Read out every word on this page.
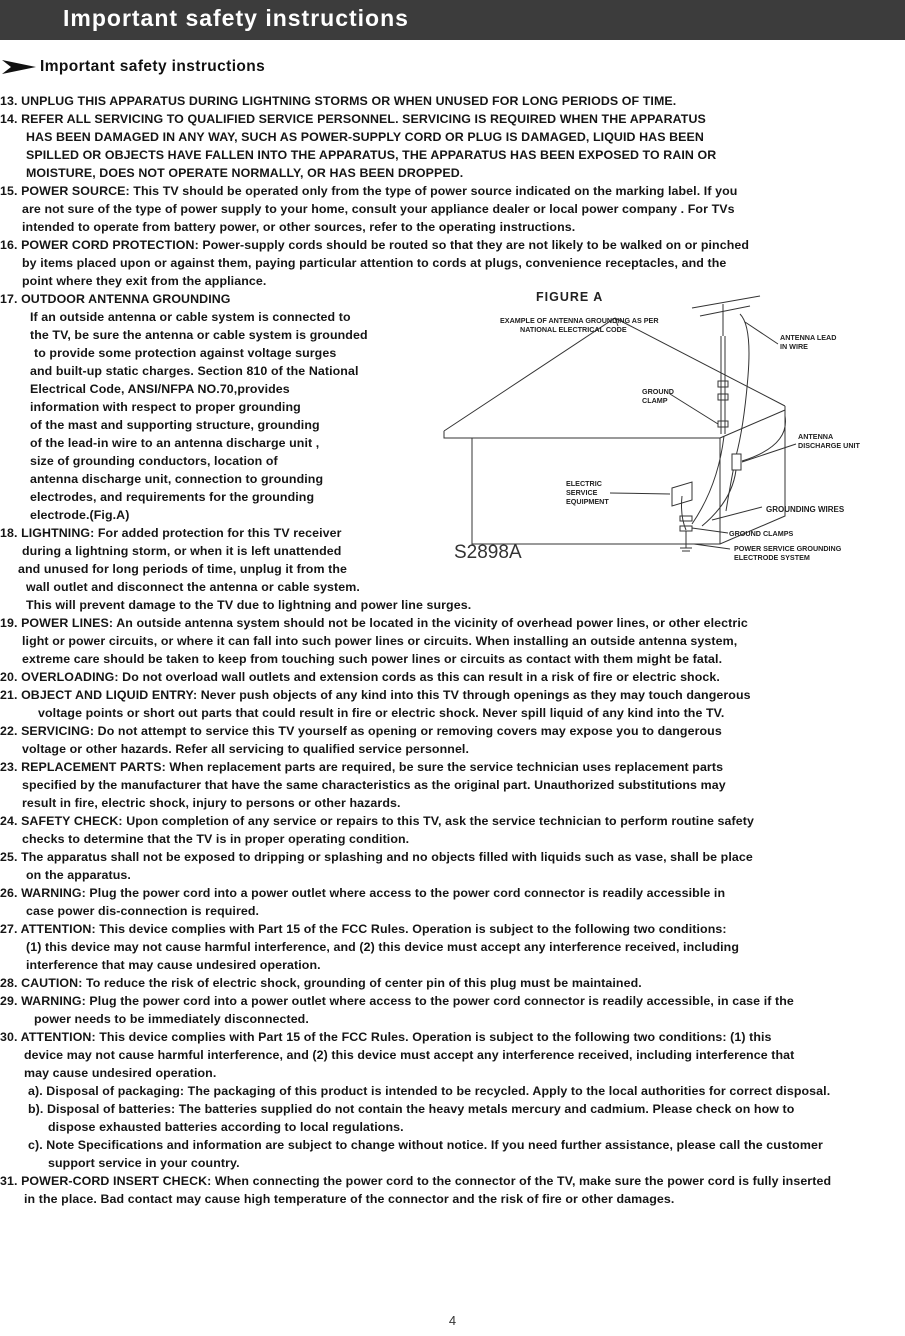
Important safety instructions
Important safety instructions
13. UNPLUG THIS APPARATUS DURING LIGHTNING STORMS OR WHEN UNUSED FOR LONG PERIODS OF TIME.
14. REFER ALL SERVICING TO QUALIFIED SERVICE PERSONNEL. SERVICING IS REQUIRED WHEN THE APPARATUS
HAS BEEN DAMAGED IN ANY WAY, SUCH AS POWER-SUPPLY CORD OR PLUG IS DAMAGED, LIQUID HAS BEEN
SPILLED OR OBJECTS HAVE FALLEN INTO THE APPARATUS, THE APPARATUS HAS BEEN EXPOSED TO RAIN OR
MOISTURE, DOES NOT OPERATE NORMALLY, OR HAS BEEN DROPPED.
15. POWER SOURCE: This TV should be operated only from the type of power source indicated on the marking label. If you
are not sure of the type of power supply to your home, consult your appliance dealer or local power company . For TVs
intended to operate from battery power, or other sources, refer to the operating instructions.
16. POWER CORD PROTECTION: Power-supply cords should be routed so that they are not likely to be walked on or pinched
by items placed upon or against them, paying particular attention to cords at plugs, convenience receptacles, and the
point where they exit from the appliance.
17. OUTDOOR ANTENNA GROUNDING
If an outside antenna or cable system is connected to
the TV, be sure the antenna or cable system is grounded
to provide some protection against voltage surges
and built-up static charges. Section 810 of the National
Electrical Code, ANSI/NFPA NO.70,provides
information with respect to proper grounding
of the mast and supporting structure, grounding
of the lead-in wire to an antenna discharge unit ,
size of grounding conductors, location of
antenna discharge unit, connection to grounding
electrodes, and requirements for the grounding
electrode.(Fig.A)
18. LIGHTNING: For added protection for this TV receiver
during a lightning storm, or when it is left unattended
and unused for long periods of time, unplug it from the
wall outlet and disconnect the antenna or cable system.
This will prevent damage to the TV due to lightning and power line surges.
19. POWER LINES: An outside antenna system should not be located in the vicinity of overhead power lines, or other electric
light or power circuits, or where it can fall into such power lines or circuits. When installing an outside antenna system,
extreme care should be taken to keep from touching such power lines or circuits as contact with them might be fatal.
20. OVERLOADING: Do not overload wall outlets and extension cords as this can result in a risk of fire or electric shock.
21. OBJECT AND LIQUID ENTRY: Never push objects of any kind into this TV through openings as they may touch dangerous
voltage points or short out parts that could result in fire or electric shock. Never spill liquid of any kind into the TV.
22. SERVICING: Do not attempt to service this TV yourself as opening or removing covers may expose you to dangerous
voltage or other hazards. Refer all servicing to qualified service personnel.
23. REPLACEMENT PARTS: When replacement parts are required, be sure the service technician uses replacement parts
specified by the manufacturer that have the same characteristics as the original part. Unauthorized substitutions may
result in fire, electric shock, injury to persons or other hazards.
24. SAFETY CHECK: Upon completion of any service or repairs to this TV, ask the service technician to perform routine safety
checks to determine that the TV is in proper operating condition.
25. The apparatus shall not be exposed to dripping or splashing and no objects filled with liquids such as vase, shall be place
on the apparatus.
26. WARNING: Plug the power cord into a power outlet where access to the power cord connector is readily accessible in
case power dis-connection is required.
27. ATTENTION: This device complies with Part 15 of the FCC Rules. Operation is subject to the following two conditions:
(1) this device may not cause harmful interference, and (2) this device must accept any interference received, including
interference that may cause undesired operation.
28. CAUTION: To reduce the risk of electric shock, grounding of center pin of this plug must be maintained.
29. WARNING: Plug the power cord into a power outlet where access to the power cord connector is readily accessible, in case if the
power needs to be immediately disconnected.
30. ATTENTION: This device complies with Part 15 of the FCC Rules. Operation is subject to the following two conditions: (1) this
device may not cause harmful interference, and (2) this device must accept any interference received, including interference that
may cause undesired operation.
a). Disposal of packaging: The packaging of this product is intended to be recycled. Apply to the local authorities for correct disposal.
b). Disposal of batteries: The batteries supplied do not contain the heavy metals mercury and cadmium. Please check on how to
dispose exhausted batteries according to local regulations.
c). Note Specifications and information are subject to change without notice. If you need further assistance, please call the customer
support service in your country.
31. POWER-CORD INSERT CHECK: When connecting the power cord to the connector of the TV, make sure the power cord is fully inserted
in the place. Bad contact may cause high temperature of the connector and the risk of fire or other damages.
FIGURE A
EXAMPLE OF ANTENNA GROUNDING AS PER
NATIONAL ELECTRICAL CODE
ANTENNA LEAD
IN WIRE
GROUND
CLAMP
ANTENNA
DISCHARGE UNIT
ELECTRIC
SERVICE
EQUIPMENT
GROUNDING WIRES
GROUND CLAMPS
POWER SERVICE GROUNDING
ELECTRODE SYSTEM
S2898A
4
